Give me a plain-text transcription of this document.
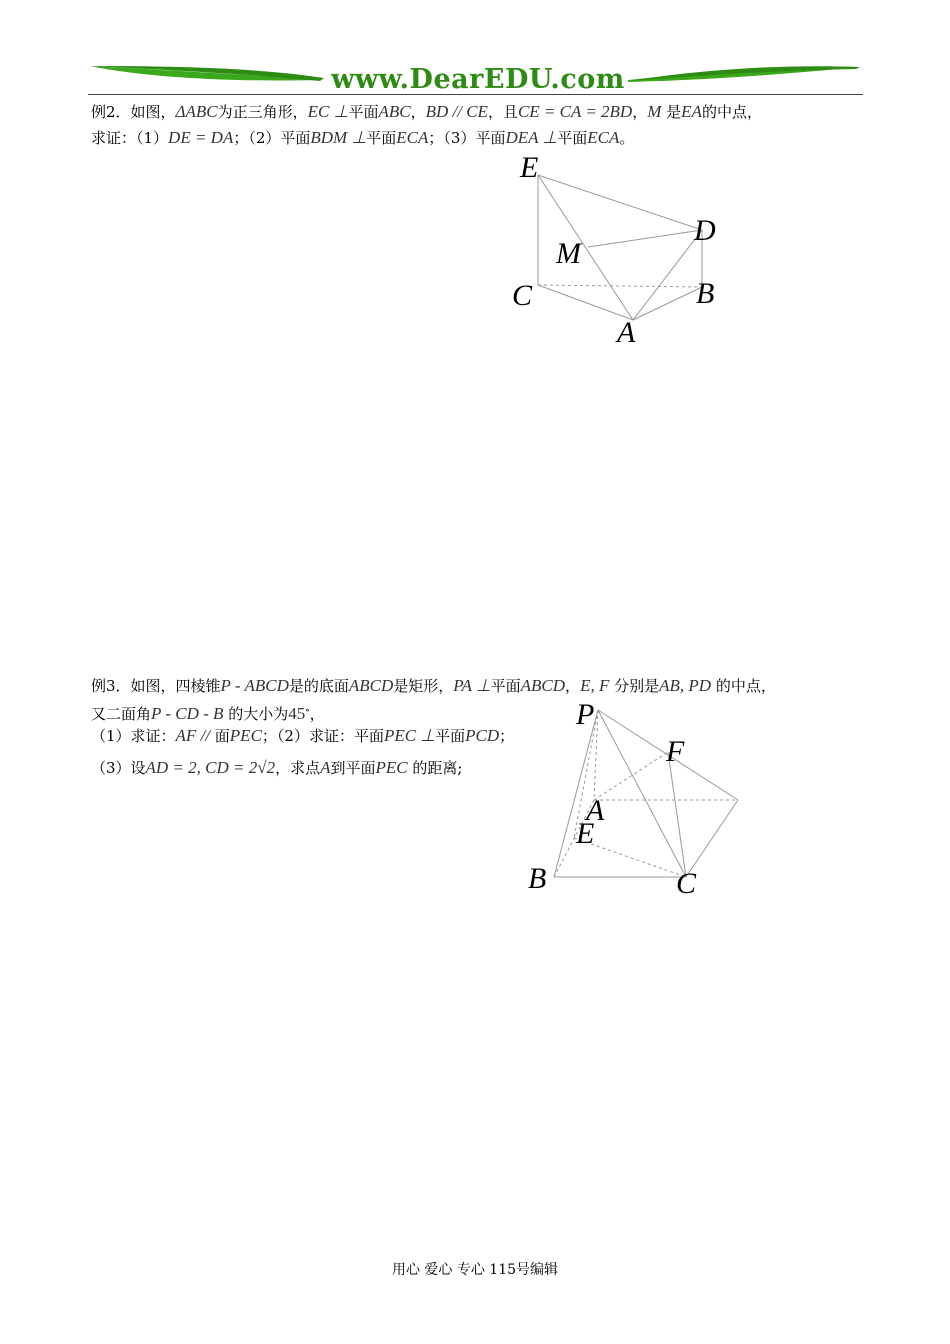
www.DearEDU.com
例2．如图，ΔABC为正三角形，EC ⊥平面ABC，BD // CE，且CE = CA = 2BD，M 是EA的中点，
求证：（1）DE = DA；（2）平面BDM ⊥平面ECA；（3）平面DEA ⊥平面ECA。
E
D
M
C	B
A
例3．如图，四棱锥P - ABCD是的底面ABCD是矩形，PA ⊥平面ABCD，E, F 分别是AB, PD 的中点，
又二面角P - CD - B 的大小为45∘，
（1）求证：AF // 面PEC；（2）求证：平面PEC ⊥平面PCD；
（3）设AD = 2, CD = 2√2，求点A到平面PEC 的距离;
P
F
A
E
B	C
用心 爱心 专心 115号编辑
